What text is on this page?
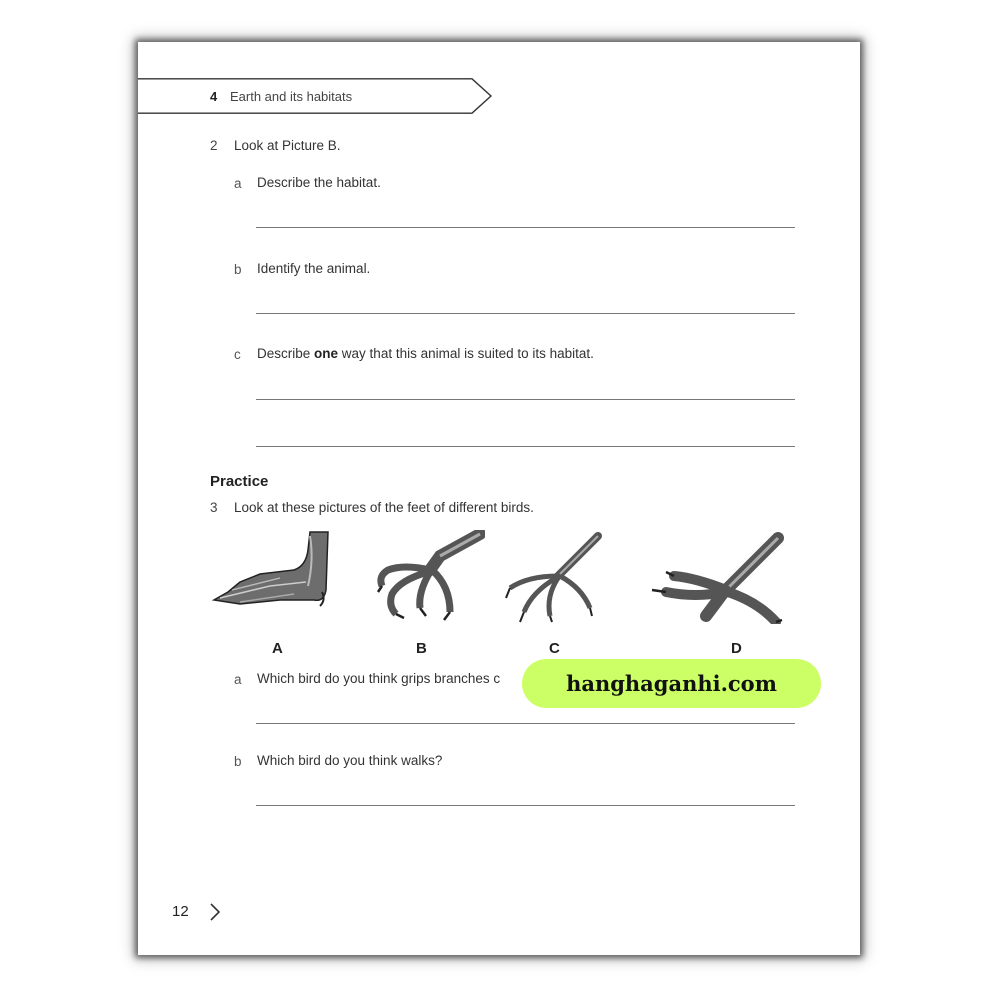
4 Earth and its habitats
2 Look at Picture B.
a Describe the habitat.
b Identify the animal.
c Describe one way that this animal is suited to its habitat.
Practice
3 Look at these pictures of the feet of different birds.
A	B	C	D
a Which bird do you think grips branches c
b Which bird do you think walks?
12
hanghaganhi.com
